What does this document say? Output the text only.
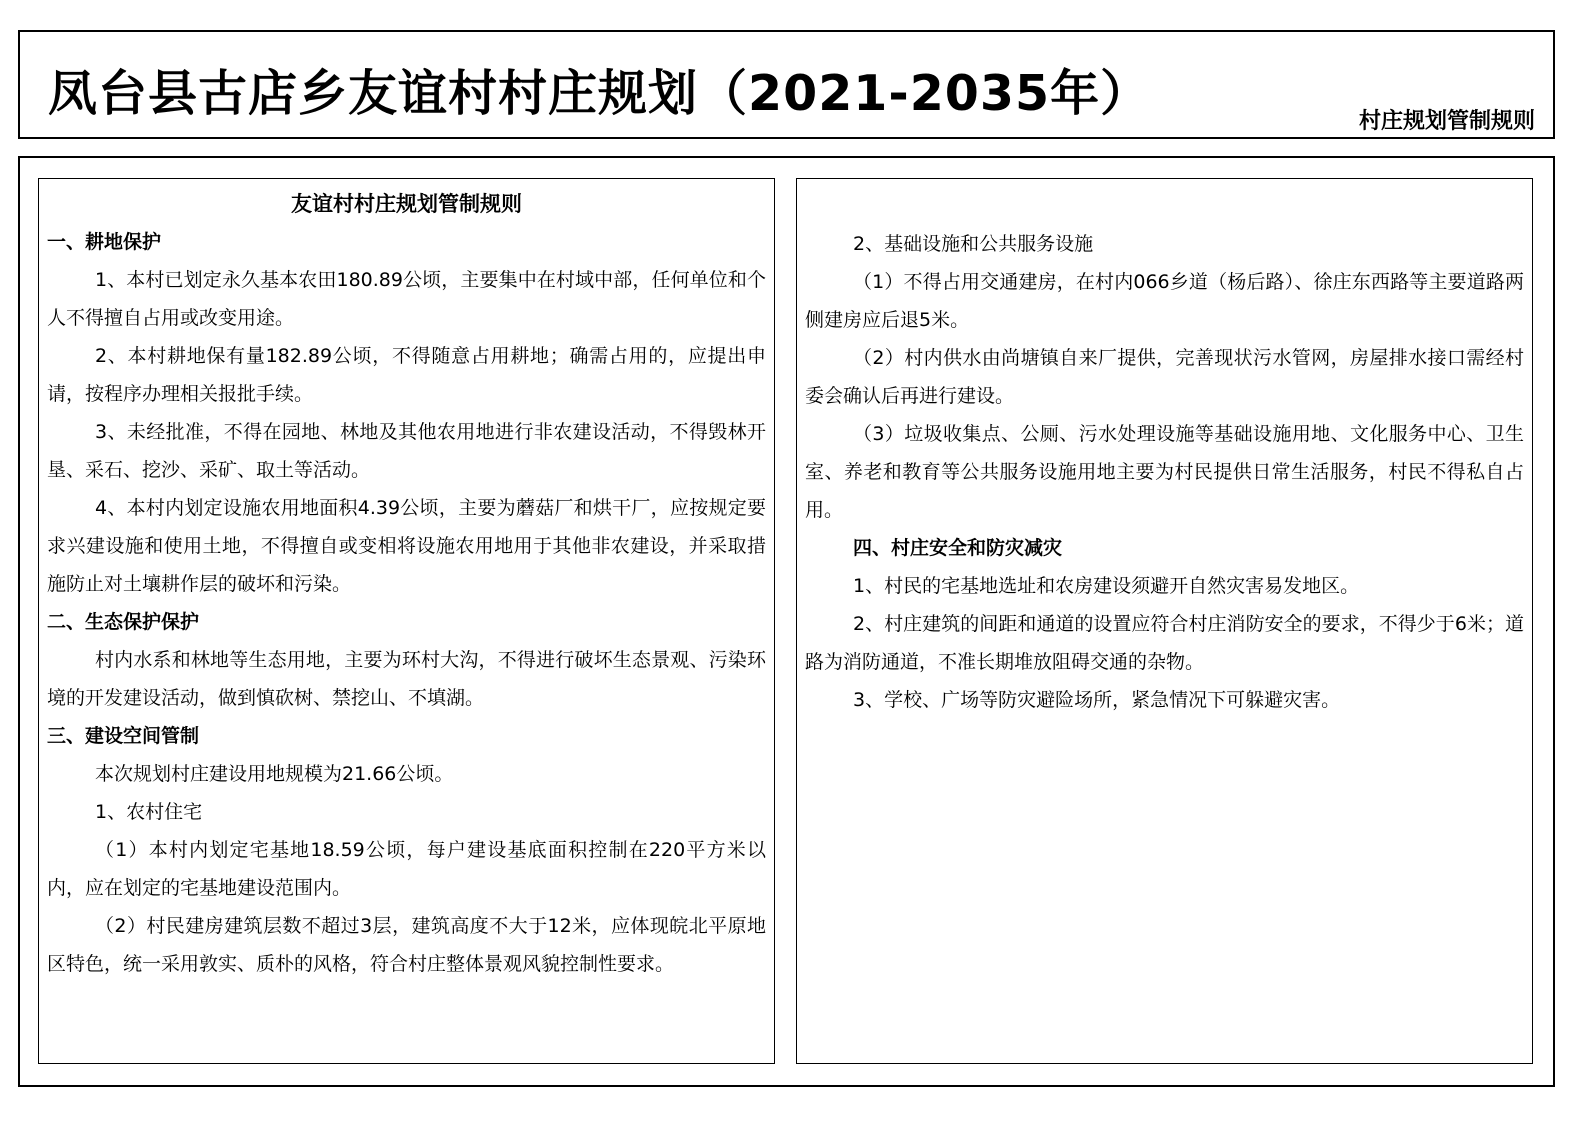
凤台县古店乡友谊村村庄规划（2021-2035年）	村庄规划管制规则

友谊村村庄规划管制规则

一、耕地保护

1、本村已划定永久基本农田180.89公顷，主要集中在村域中部，任何单位和个人不得擅自占用或改变用途。

2、本村耕地保有量182.89公顷，不得随意占用耕地；确需占用的，应提出申请，按程序办理相关报批手续。

3、未经批准，不得在园地、林地及其他农用地进行非农建设活动，不得毁林开垦、采石、挖沙、采矿、取土等活动。

4、本村内划定设施农用地面积4.39公顷，主要为蘑菇厂和烘干厂，应按规定要求兴建设施和使用土地，不得擅自或变相将设施农用地用于其他非农建设，并采取措施防止对土壤耕作层的破坏和污染。

二、生态保护保护

村内水系和林地等生态用地，主要为环村大沟，不得进行破坏生态景观、污染环境的开发建设活动，做到慎砍树、禁挖山、不填湖。

三、建设空间管制

本次规划村庄建设用地规模为21.66公顷。

1、农村住宅

（1）本村内划定宅基地18.59公顷，每户建设基底面积控制在220平方米以内，应在划定的宅基地建设范围内。

（2）村民建房建筑层数不超过3层，建筑高度不大于12米，应体现皖北平原地区特色，统一采用敦实、质朴的风格，符合村庄整体景观风貌控制性要求。

2、基础设施和公共服务设施

（1）不得占用交通建房，在村内066乡道（杨后路）、徐庄东西路等主要道路两侧建房应后退5米。

（2）村内供水由尚塘镇自来厂提供，完善现状污水管网，房屋排水接口需经村委会确认后再进行建设。

（3）垃圾收集点、公厕、污水处理设施等基础设施用地、文化服务中心、卫生室、养老和教育等公共服务设施用地主要为村民提供日常生活服务，村民不得私自占用。

四、村庄安全和防灾减灾

1、村民的宅基地选址和农房建设须避开自然灾害易发地区。

2、村庄建筑的间距和通道的设置应符合村庄消防安全的要求，不得少于6米；道路为消防通道，不准长期堆放阻碍交通的杂物。

3、学校、广场等防灾避险场所，紧急情况下可躲避灾害。
